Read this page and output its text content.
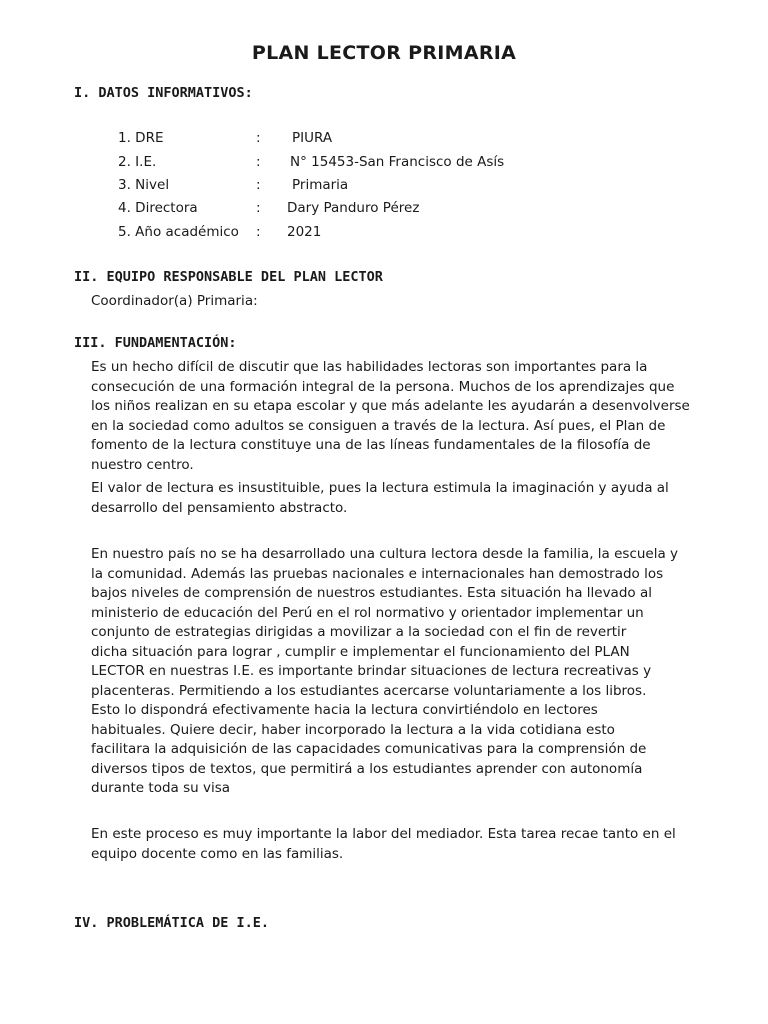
PLAN LECTOR PRIMARIA
I. DATOS INFORMATIVOS:
1. DRE	: PIURA
2. I.E.	: N° 15453-San Francisco de Asís
3. Nivel	: Primaria
4. Directora	: Dary Panduro Pérez
5. Año académico : 2021
II. EQUIPO RESPONSABLE DEL PLAN LECTOR
Coordinador(a) Primaria:
III. FUNDAMENTACIÓN:
Es un hecho difícil de discutir que las habilidades lectoras son importantes para la
consecución de una formación integral de la persona. Muchos de los aprendizajes que
los niños realizan en su etapa escolar y que más adelante les ayudarán a desenvolverse
en la sociedad como adultos se consiguen a través de la lectura. Así pues, el Plan de
fomento de la lectura constituye una de las líneas fundamentales de la filosofía de
nuestro centro.
El valor de lectura es insustituible, pues la lectura estimula la imaginación y ayuda al
desarrollo del pensamiento abstracto.
En nuestro país no se ha desarrollado una cultura lectora desde la familia, la escuela y
la comunidad. Además las pruebas nacionales e internacionales han demostrado los
bajos niveles de comprensión de nuestros estudiantes. Esta situación ha llevado al
ministerio de educación del Perú en el rol normativo y orientador implementar un
conjunto de estrategias dirigidas a movilizar a la sociedad con el fin de revertir
dicha situación para lograr , cumplir e implementar el funcionamiento del PLAN
LECTOR en nuestras I.E. es importante brindar situaciones de lectura recreativas y
placenteras. Permitiendo a los estudiantes acercarse voluntariamente a los libros.
Esto lo dispondrá efectivamente hacia la lectura convirtiéndolo en lectores
habituales. Quiere decir, haber incorporado la lectura a la vida cotidiana esto
facilitara la adquisición de las capacidades comunicativas para la comprensión de
diversos tipos de textos, que permitirá a los estudiantes aprender con autonomía
durante toda su visa
En este proceso es muy importante la labor del mediador. Esta tarea recae tanto en el
equipo docente como en las familias.
IV. PROBLEMÁTICA DE I.E.
